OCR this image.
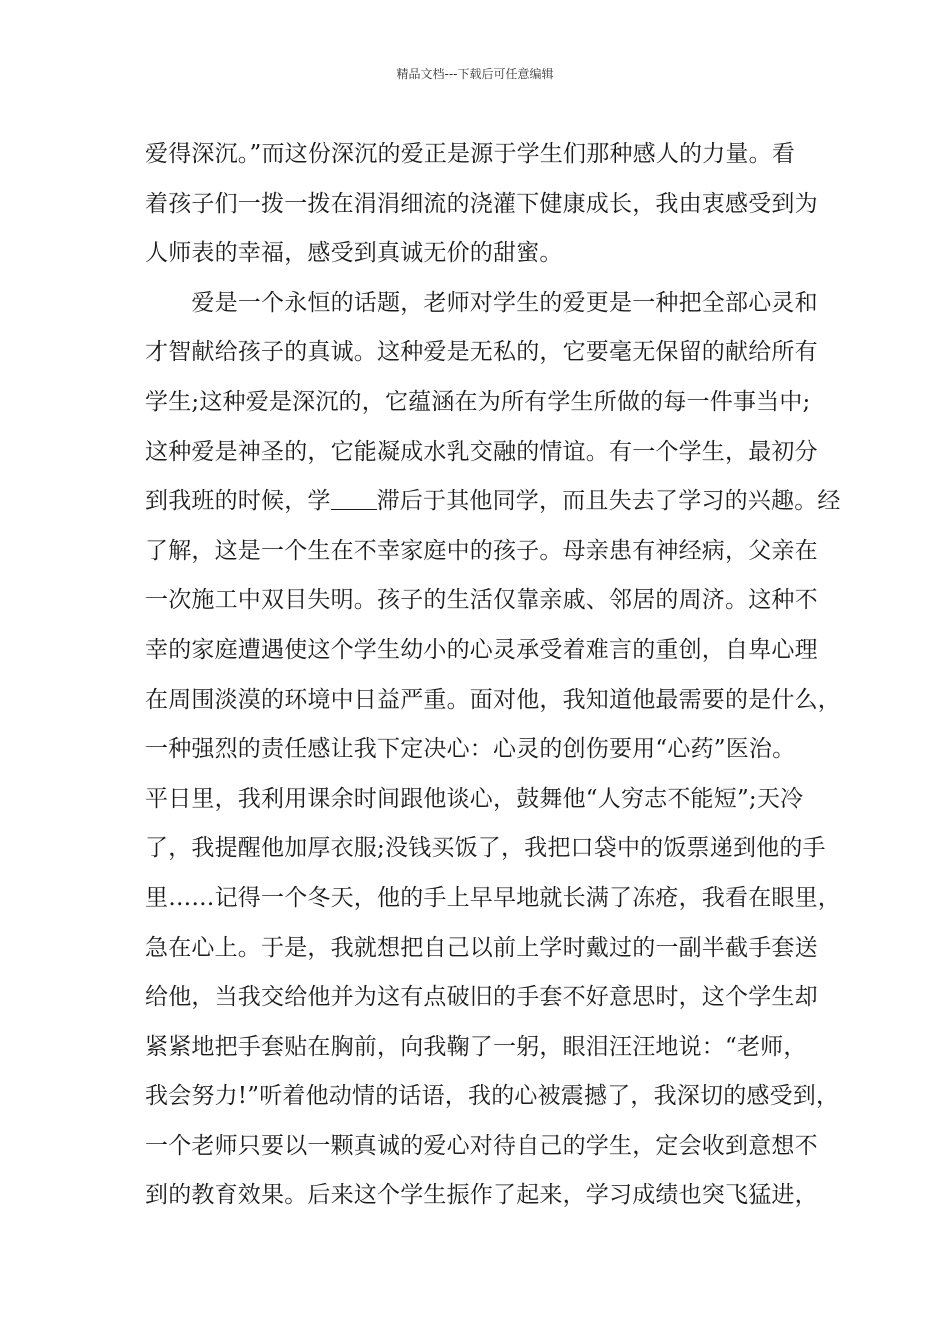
精品文档---下载后可任意编辑
爱得深沉。”而这份深沉的爱正是源于学生们那种感人的力量。看
着孩子们一拨一拨在涓涓细流的浇灌下健康成长，我由衷感受到为
人师表的幸福，感受到真诚无价的甜蜜。
　　爱是一个永恒的话题，老师对学生的爱更是一种把全部心灵和
才智献给孩子的真诚。这种爱是无私的，它要毫无保留的献给所有
学生;这种爱是深沉的，它蕴涵在为所有学生所做的每一件事当中;
这种爱是神圣的，它能凝成水乳交融的情谊。有一个学生，最初分
到我班的时候，学 滞后于其他同学，而且失去了学习的兴趣。经
了解，这是一个生在不幸家庭中的孩子。母亲患有神经病，父亲在
一次施工中双目失明。孩子的生活仅靠亲戚、邻居的周济。这种不
幸的家庭遭遇使这个学生幼小的心灵承受着难言的重创，自卑心理
在周围淡漠的环境中日益严重。面对他，我知道他最需要的是什么，
一种强烈的责任感让我下定决心：心灵的创伤要用“心药”医治。
平日里，我利用课余时间跟他谈心，鼓舞他“人穷志不能短”;天冷
了，我提醒他加厚衣服;没钱买饭了，我把口袋中的饭票递到他的手
里……记得一个冬天，他的手上早早地就长满了冻疮，我看在眼里，
急在心上。于是，我就想把自己以前上学时戴过的一副半截手套送
给他，当我交给他并为这有点破旧的手套不好意思时，这个学生却
紧紧地把手套贴在胸前，向我鞠了一躬，眼泪汪汪地说：“老师，
我会努力!”听着他动情的话语，我的心被震撼了，我深切的感受到，
一个老师只要以一颗真诚的爱心对待自己的学生，定会收到意想不
到的教育效果。后来这个学生振作了起来，学习成绩也突飞猛进，
